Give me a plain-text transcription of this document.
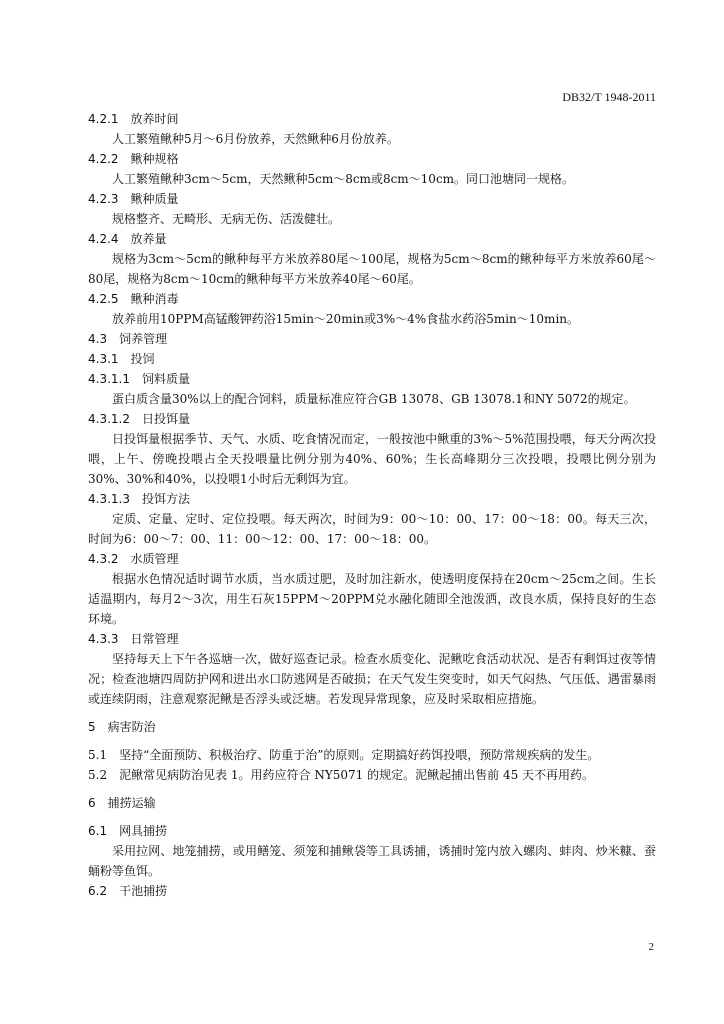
DB32/T 1948-2011
4.2.1 放养时间
人工繁殖鳅种5月～6月份放养，天然鳅种6月份放养。
4.2.2 鳅种规格
人工繁殖鳅种3cm～5cm，天然鳅种5cm～8cm或8cm～10cm。同口池塘同一规格。
4.2.3 鳅种质量
规格整齐、无畸形、无病无伤、活泼健壮。
4.2.4 放养量
规格为3cm～5cm的鳅种每平方米放养80尾～100尾，规格为5cm～8cm的鳅种每平方米放养60尾～80尾，规格为8cm～10cm的鳅种每平方米放养40尾～60尾。
4.2.5 鳅种消毒
放养前用10PPM高锰酸钾药浴15min～20min或3%～4%食盐水药浴5min～10min。
4.3 饲养管理
4.3.1 投饲
4.3.1.1 饲料质量
蛋白质含量30%以上的配合饲料，质量标准应符合GB 13078、GB 13078.1和NY 5072的规定。
4.3.1.2 日投饵量
日投饵量根据季节、天气、水质、吃食情况而定，一般按池中鳅重的3%～5%范围投喂，每天分两次投喂，上午、傍晚投喂占全天投喂量比例分别为40%、60%；生长高峰期分三次投喂，投喂比例分别为30%、30%和40%，以投喂1小时后无剩饵为宜。
4.3.1.3 投饵方法
定质、定量、定时、定位投喂。每天两次，时间为9：00～10：00、17：00～18：00。每天三次，时间为6：00～7：00、11：00～12：00、17：00～18：00。
4.3.2 水质管理
根据水色情况适时调节水质，当水质过肥，及时加注新水，使透明度保持在20cm～25cm之间。生长适温期内，每月2～3次，用生石灰15PPM～20PPM兑水融化随即全池泼洒，改良水质，保持良好的生态环境。
4.3.3 日常管理
坚持每天上下午各巡塘一次，做好巡查记录。检查水质变化、泥鳅吃食活动状况、是否有剩饵过夜等情况；检查池塘四周防护网和进出水口防逃网是否破损；在天气发生突变时，如天气闷热、气压低、遇雷暴雨或连续阴雨，注意观察泥鳅是否浮头或泛塘。若发现异常现象，应及时采取相应措施。
5 病害防治
5.1　坚持“全面预防、积极治疗、防重于治”的原则。定期搞好药饵投喂，预防常规疾病的发生。
5.2　泥鳅常见病防治见表 1。用药应符合 NY5071 的规定。泥鳅起捕出售前 45 天不再用药。
6 捕捞运输
6.1 网具捕捞
采用拉网、地笼捕捞，或用鳝笼、须笼和捕鳅袋等工具诱捕，诱捕时笼内放入螺肉、蚌肉、炒米糠、蚕蛹粉等鱼饵。
6.2 干池捕捞
2
